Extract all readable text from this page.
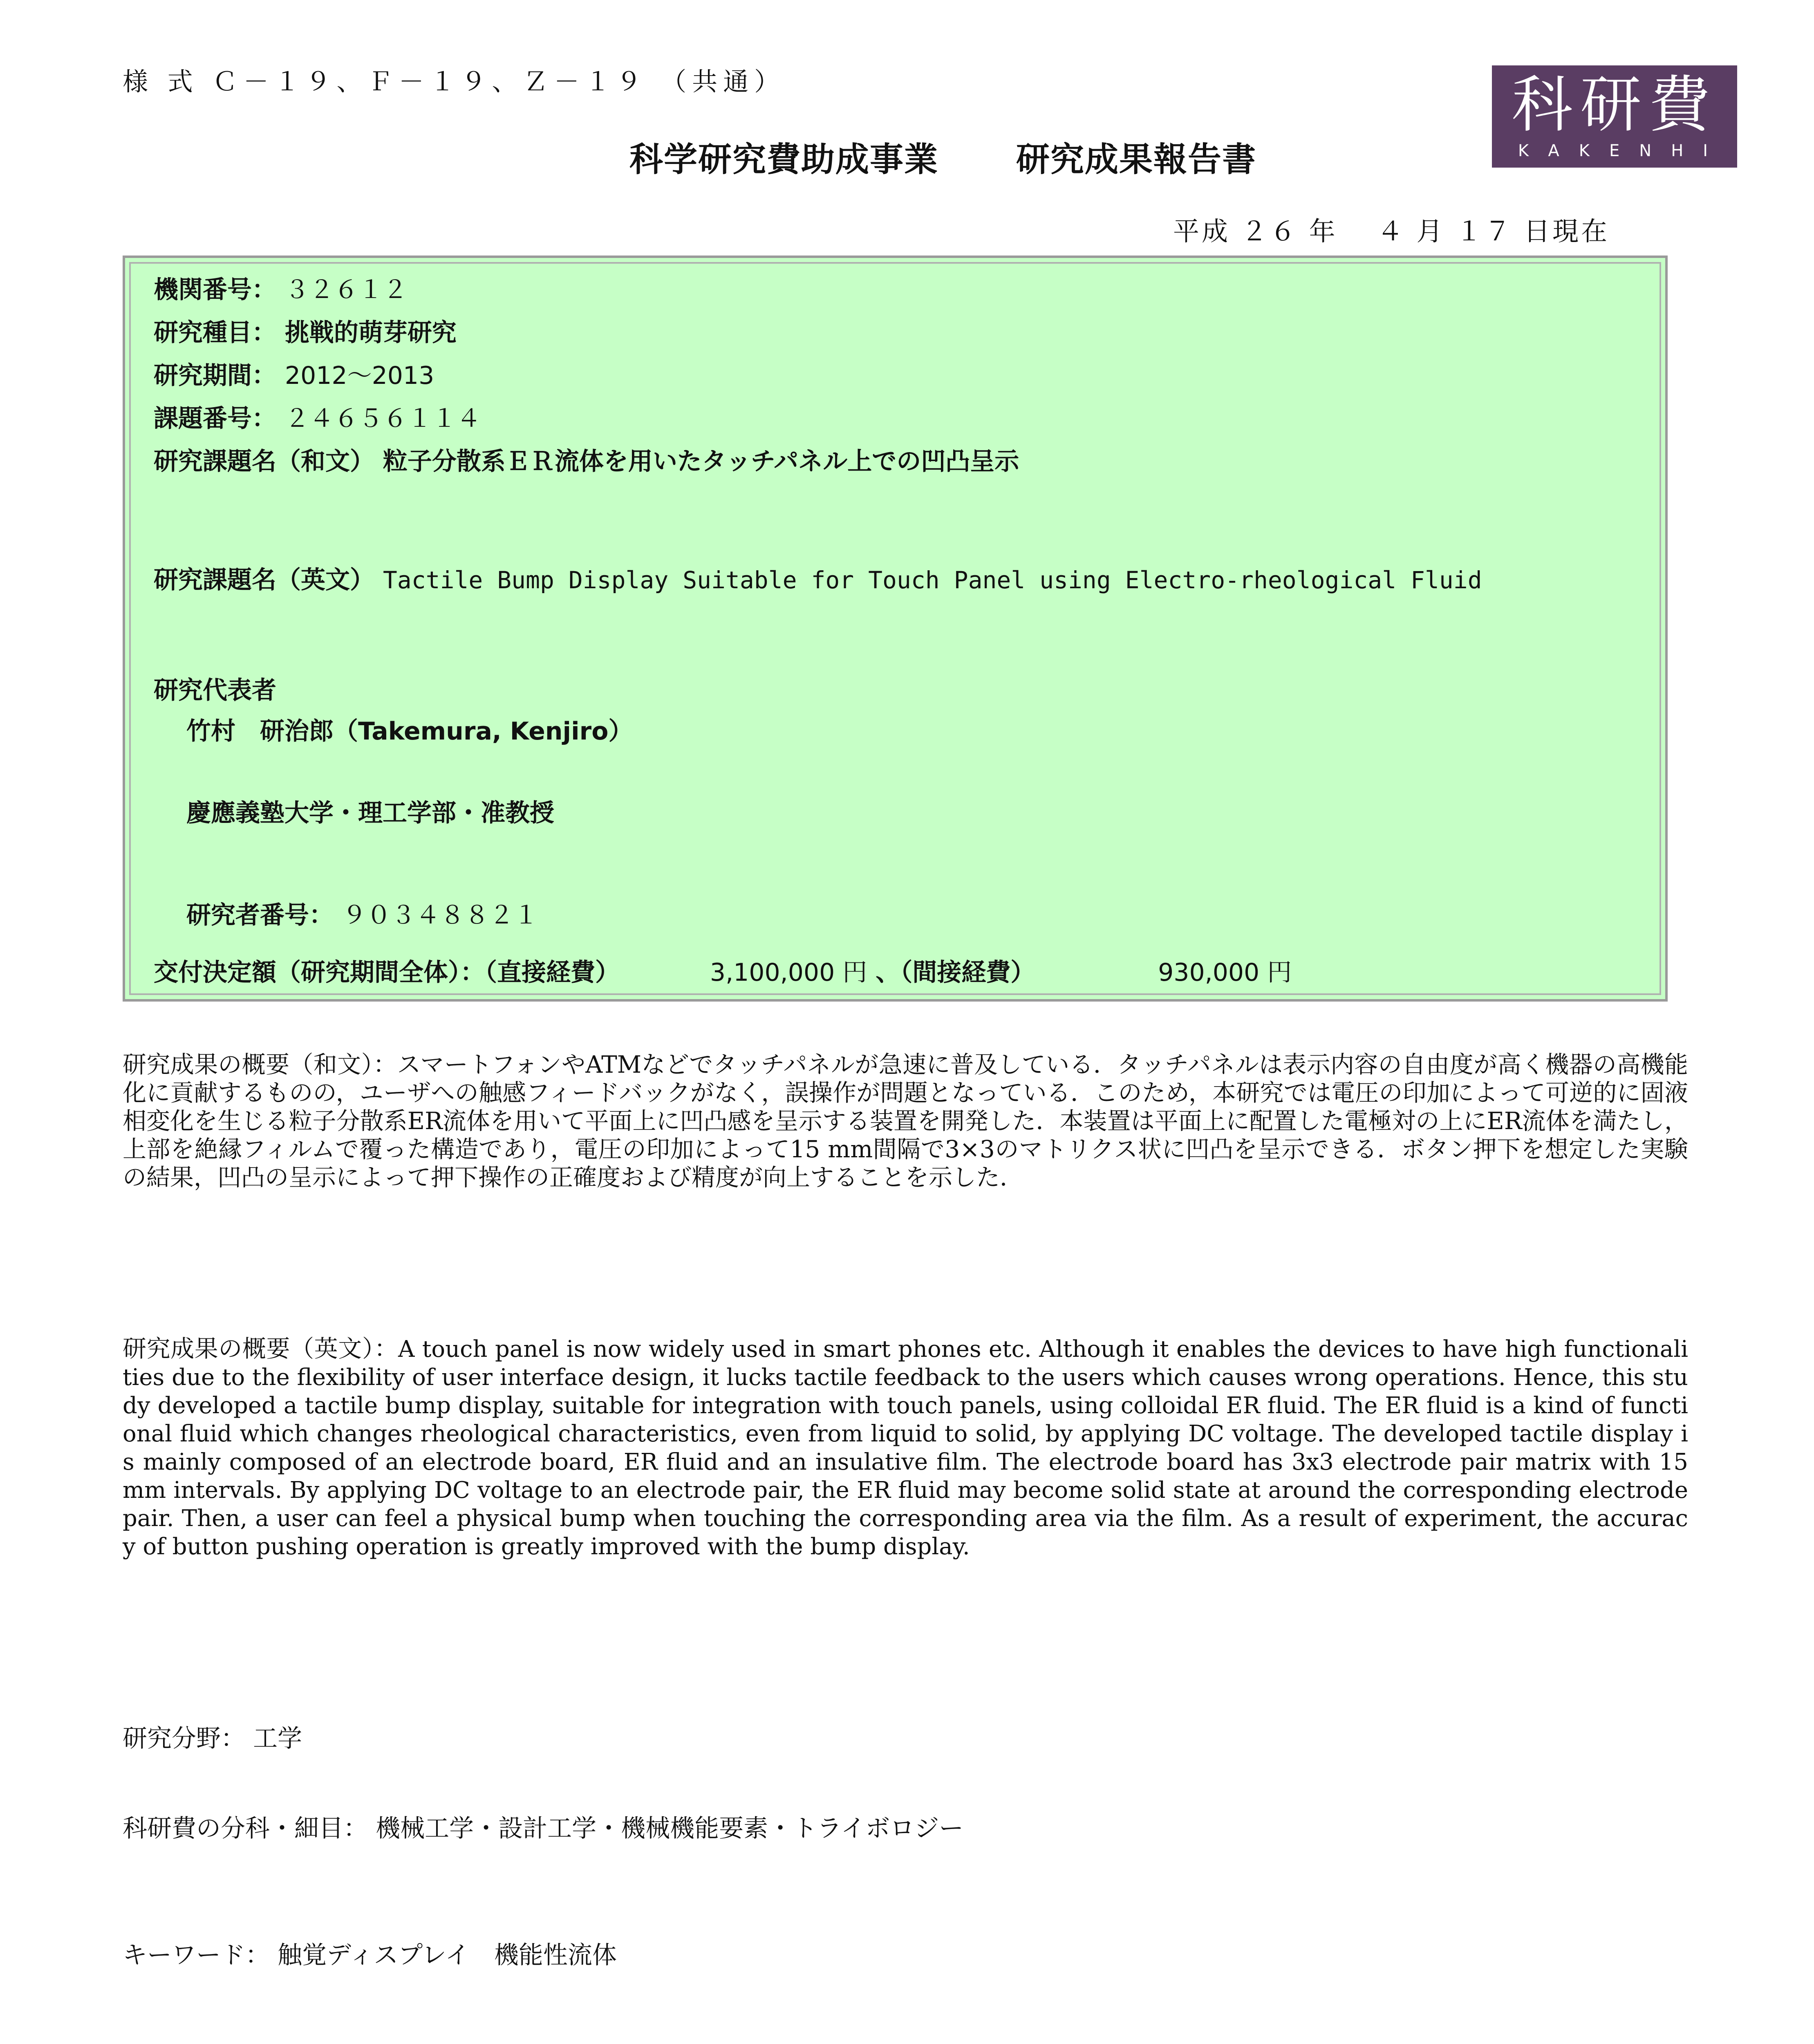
様 式 Ｃ－１９、Ｆ－１９、Ｚ－１９ （共通）
科学研究費助成事業 研究成果報告書
科研費
KAKENHI
平成 ２６ 年　 ４ 月 １７ 日現在
機関番号： ３２６１２
研究種目： 挑戦的萌芽研究
研究期間： 2012～2013
課題番号： ２４６５６１１４
研究課題名（和文） 粒子分散系ＥＲ流体を用いたタッチパネル上での凹凸呈示
研究課題名（英文） Tactile Bump Display Suitable for Touch Panel using Electro-rheological Fluid
研究代表者
竹村　研治郎（Takemura, Kenjiro）
慶應義塾大学・理工学部・准教授
研究者番号： ９０３４８８２１
交付決定額（研究期間全体）：（直接経費）	3,100,000 円 、（間接経費）	930,000 円
研究成果の概要（和文）：スマートフォンやATMなどでタッチパネルが急速に普及している．タッチパネルは表示内容の自由度が高く機器の高機能化に貢献するものの，ユーザへの触感フィードバックがなく，誤操作が問題となっている．このため，本研究では電圧の印加によって可逆的に固液相変化を生じる粒子分散系ER流体を用いて平面上に凹凸感を呈示する装置を開発した．本装置は平面上に配置した電極対の上にER流体を満たし，上部を絶縁フィルムで覆った構造であり，電圧の印加によって15 mm間隔で3×3のマトリクス状に凹凸を呈示できる．ボタン押下を想定した実験の結果，凹凸の呈示によって押下操作の正確度および精度が向上することを示した．
研究成果の概要（英文）：A touch panel is now widely used in smart phones etc. Although it enables the devices to have high functionalities due to the flexibility of user interface design, it lucks tactile feedback to the users which causes wrong operations. Hence, this study developed a tactile bump display, suitable for integration with touch panels, using colloidal ER fluid. The ER fluid is a kind of functional fluid which changes rheological characteristics, even from liquid to solid, by applying DC voltage. The developed tactile display is mainly composed of an electrode board, ER fluid and an insulative film. The electrode board has 3x3 electrode pair matrix with 15 mm intervals. By applying DC voltage to an electrode pair, the ER fluid may become solid state at around the corresponding electrode pair. Then, a user can feel a physical bump when touching the corresponding area via the film. As a result of experiment, the accuracy of button pushing operation is greatly improved with the bump display.
研究分野： 工学
科研費の分科・細目： 機械工学・設計工学・機械機能要素・トライボロジー
キーワード： 触覚ディスプレイ　機能性流体
